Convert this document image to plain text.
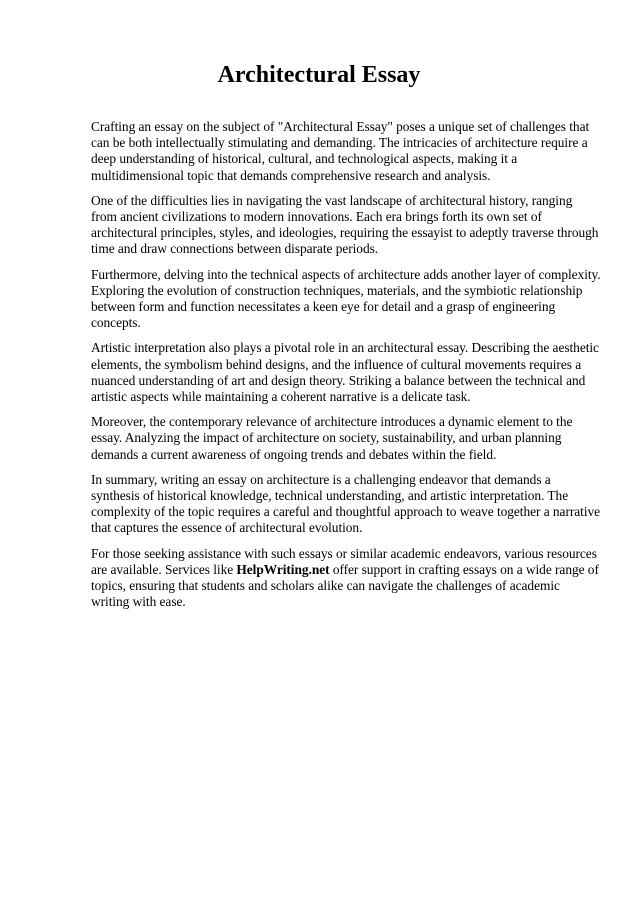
Architectural Essay

Crafting an essay on the subject of "Architectural Essay" poses a unique set of challenges that can be both intellectually stimulating and demanding. The intricacies of architecture require a deep understanding of historical, cultural, and technological aspects, making it a multidimensional topic that demands comprehensive research and analysis.

One of the difficulties lies in navigating the vast landscape of architectural history, ranging from ancient civilizations to modern innovations. Each era brings forth its own set of architectural principles, styles, and ideologies, requiring the essayist to adeptly traverse through time and draw connections between disparate periods.

Furthermore, delving into the technical aspects of architecture adds another layer of complexity. Exploring the evolution of construction techniques, materials, and the symbiotic relationship between form and function necessitates a keen eye for detail and a grasp of engineering concepts.

Artistic interpretation also plays a pivotal role in an architectural essay. Describing the aesthetic elements, the symbolism behind designs, and the influence of cultural movements requires a nuanced understanding of art and design theory. Striking a balance between the technical and artistic aspects while maintaining a coherent narrative is a delicate task.

Moreover, the contemporary relevance of architecture introduces a dynamic element to the essay. Analyzing the impact of architecture on society, sustainability, and urban planning demands a current awareness of ongoing trends and debates within the field.

In summary, writing an essay on architecture is a challenging endeavor that demands a synthesis of historical knowledge, technical understanding, and artistic interpretation. The complexity of the topic requires a careful and thoughtful approach to weave together a narrative that captures the essence of architectural evolution.

For those seeking assistance with such essays or similar academic endeavors, various resources are available. Services like HelpWriting.net offer support in crafting essays on a wide range of topics, ensuring that students and scholars alike can navigate the challenges of academic writing with ease.
